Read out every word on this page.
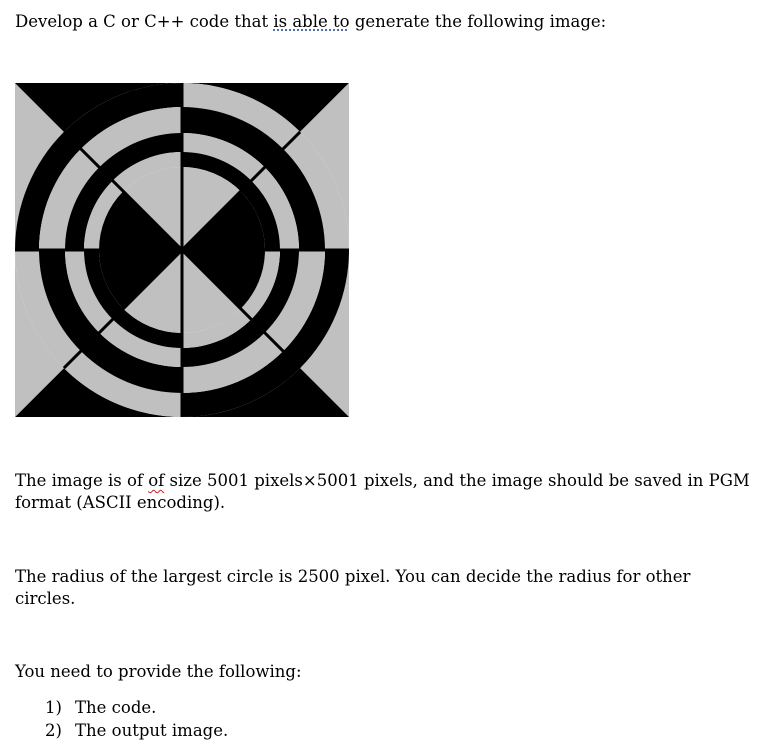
Develop a C or C++ code that is able to generate the following image:
The image is of of size 5001 pixels×5001 pixels, and the image should be saved in PGM format (ASCII encoding).
The radius of the largest circle is 2500 pixel. You can decide the radius for other circles.
You need to provide the following:
1) The code.
2) The output image.
